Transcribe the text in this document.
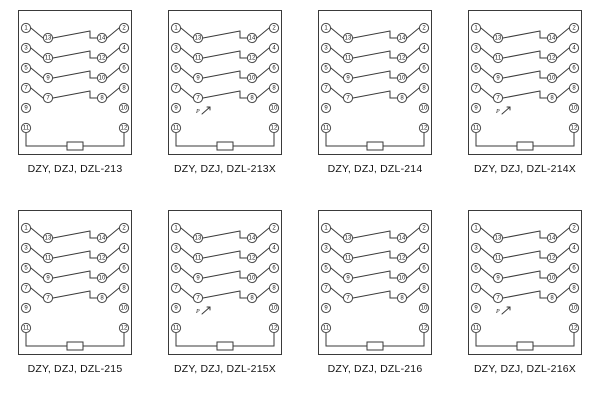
1
3
5
7
9
11
2
4
6
8
10
12
13	14
11	12
9	10
7	8
DZY, DZJ, DZL-213
1
3
5
7
9
11
2
4
6
8
10
12
13	14
11	12
9	10
7	8
P
DZY, DZJ, DZL-213X
1
3
5
7
9
11
2
4
6
8
10
12
13	14
11	12
9	10
7	8
DZY, DZJ, DZL-214
1
3
5
7
9
11
2
4
6
8
10
12
13	14
11	12
9	10
7	8
P
DZY, DZJ, DZL-214X
1
3
5
7
9
11
2
4
6
8
10
12
13	14
11	12
9	10
7	8
DZY, DZJ, DZL-215
1
3
5
7
9
11
2
4
6
8
10
12
13	14
11	12
9	10
7	8
P
DZY, DZJ, DZL-215X
1
3
5
7
9
11
2
4
6
8
10
12
13	14
11	12
9	10
7	8
DZY, DZJ, DZL-216
1
3
5
7
9
11
2
4
6
8
10
12
13	14
11	12
9	10
7	8
P
DZY, DZJ, DZL-216X
